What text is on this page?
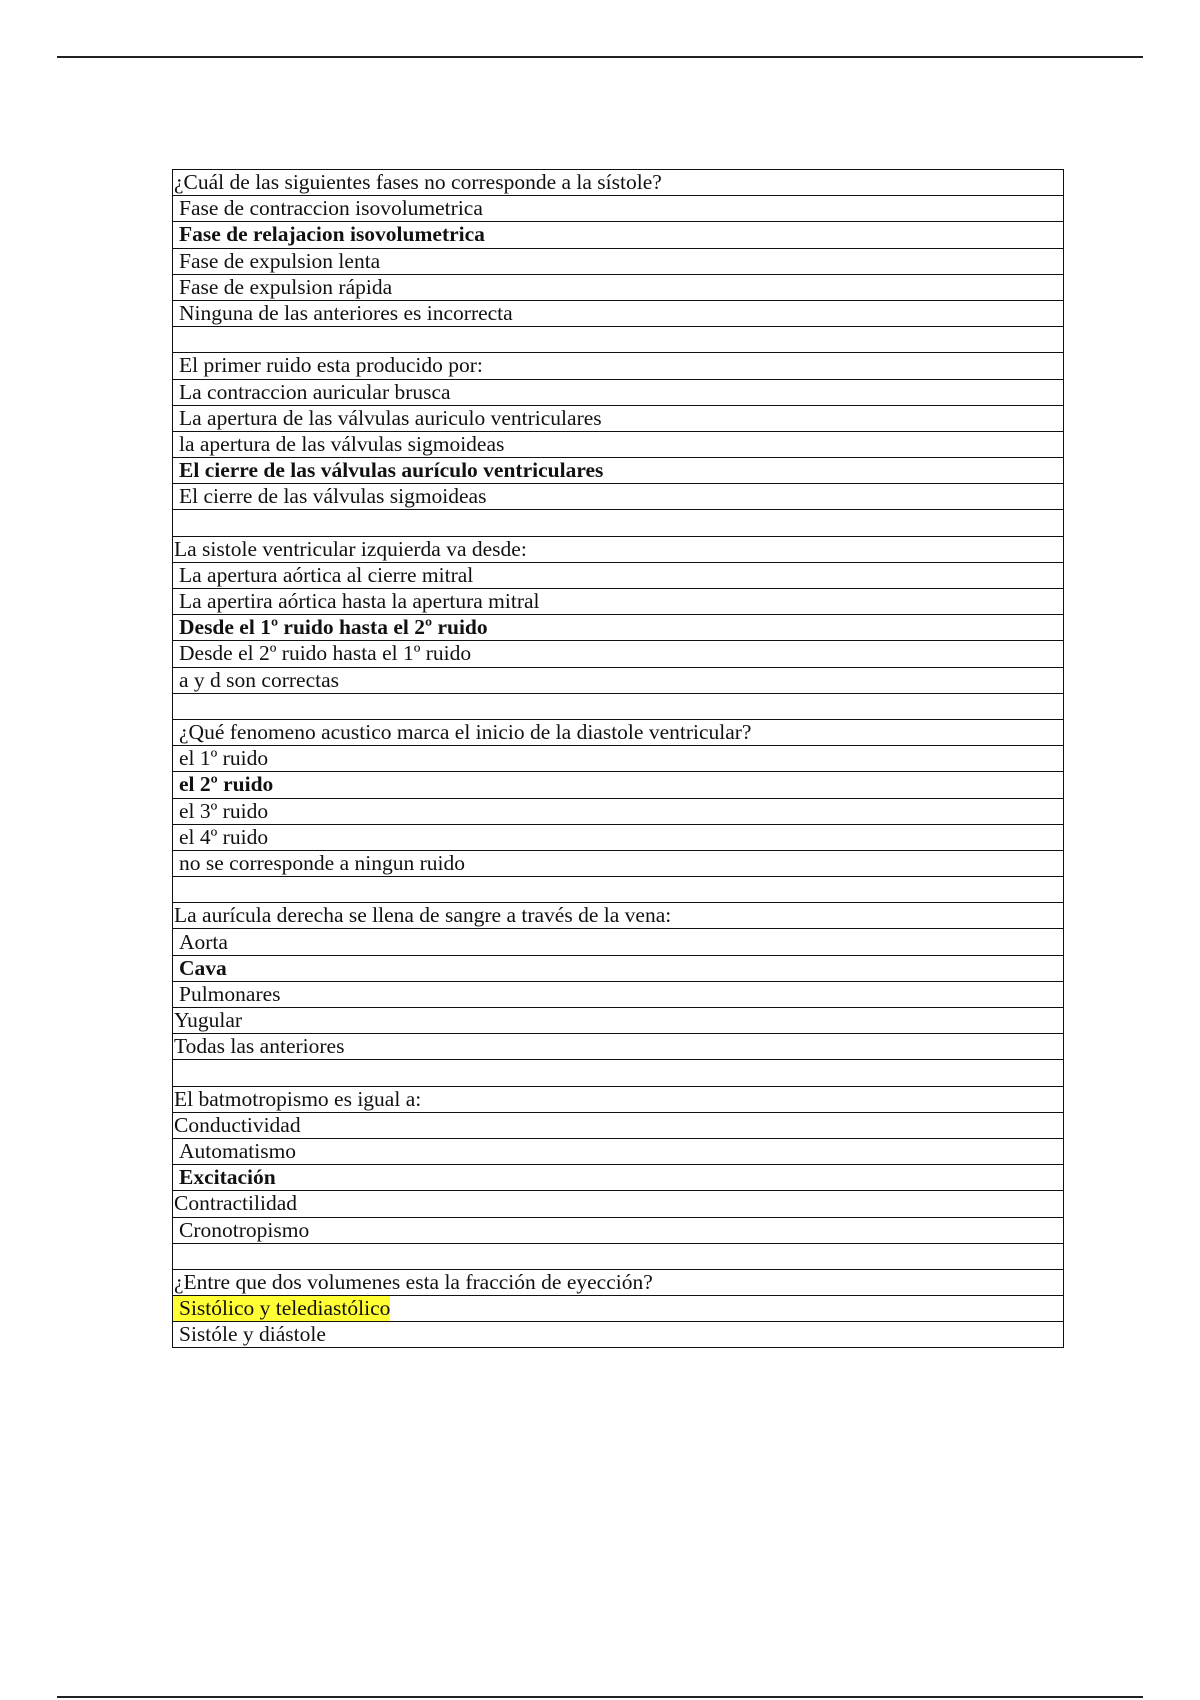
¿Cuál de las siguientes fases no corresponde a la sístole?
Fase de contraccion isovolumetrica
Fase de relajacion isovolumetrica
Fase de expulsion lenta
Fase de expulsion rápida
Ninguna de las anteriores es incorrecta

El primer ruido esta producido por:
La contraccion auricular brusca
La apertura de las válvulas auriculo ventriculares
la apertura de las válvulas sigmoideas
El cierre de las válvulas aurículo ventriculares
El cierre de las válvulas sigmoideas

La sistole ventricular izquierda va desde:
La apertura aórtica al cierre mitral
La apertira aórtica hasta la apertura mitral
Desde el 1º ruido hasta el 2º ruido
Desde el 2º ruido hasta el 1º ruido
a y d son correctas

¿Qué fenomeno acustico marca el inicio de la diastole ventricular?
el 1º ruido
el 2º ruido
el 3º ruido
el 4º ruido
no se corresponde a ningun ruido

La aurícula derecha se llena de sangre a través de la vena:
Aorta
Cava
Pulmonares
Yugular
Todas las anteriores

El batmotropismo es igual a:
Conductividad
Automatismo
Excitación
Contractilidad
Cronotropismo

¿Entre que dos volumenes esta la fracción de eyección?
Sistólico y telediastólico
Sistóle y diástole
